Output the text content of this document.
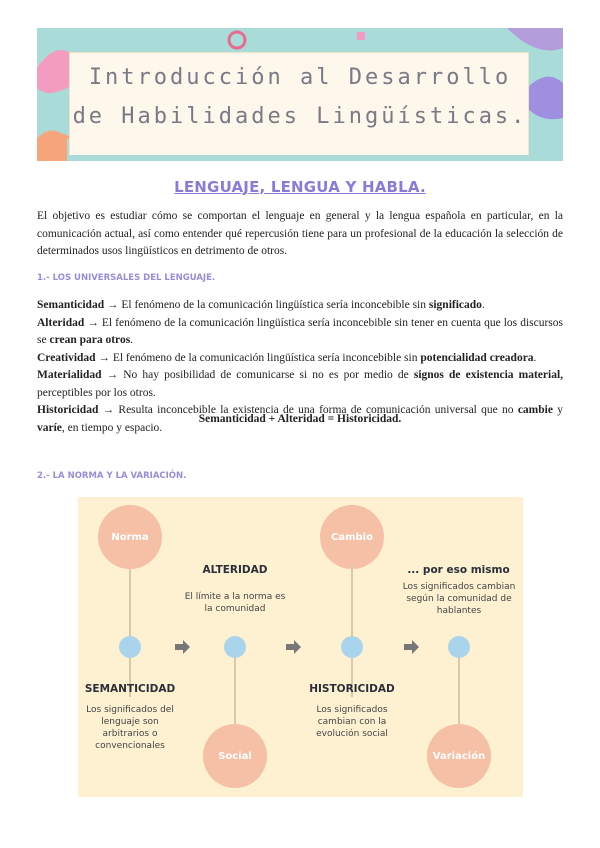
Introducción al Desarrollo
de Habilidades Lingüísticas.
LENGUAJE, LENGUA Y HABLA.
El objetivo es estudiar cómo se comportan el lenguaje en general y la lengua española en particular, en la comunicación actual, así como entender qué repercusión tiene para un profesional de la educación la selección de determinados usos lingüísticos en detrimento de otros.
1.- LOS UNIVERSALES DEL LENGUAJE.

Semanticidad → El fenómeno de la comunicación lingüística sería inconcebible sin significado.

Alteridad → El fenómeno de la comunicación lingüística sería inconcebible sin tener en cuenta que los discursos se crean para otros.

Creatividad → El fenómeno de la comunicación lingüística sería inconcebible sin potencialidad creadora.

Materialidad → No hay posibilidad de comunicarse si no es por medio de signos de existencia material, perceptibles por los otros.

Historicidad → Resulta inconcebible la existencia de una forma de comunicación universal que no cambie y varíe, en tiempo y espacio.

Semanticidad + Alteridad = Historicidad.
2.- LA NORMA Y LA VARIACIÓN.
Norma	Cambio
Social	Variación
ALTERIDAD
El límite a la norma es la comunidad
... por eso mismo
Los significados cambian según la comunidad de hablantes
SEMANTICIDAD
Los significados del lenguaje son arbitrarios o convencionales
HISTORICIDAD
Los significados cambian con la evolución social
